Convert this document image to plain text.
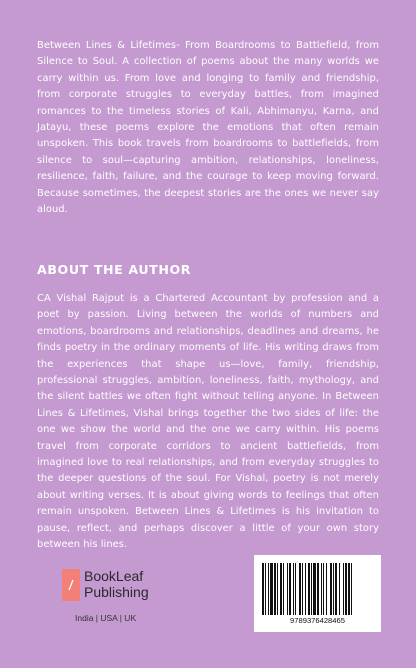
Between Lines & Lifetimes- From Boardrooms to Battlefield, from Silence to Soul. A collection of poems about the many worlds we carry within us. From love and longing to family and friendship, from corporate struggles to everyday battles, from imagined romances to the timeless stories of Kali, Abhimanyu, Karna, and Jatayu, these poems explore the emotions that often remain unspoken. This book travels from boardrooms to battlefields, from silence to soul—capturing ambition, relationships, loneliness, resilience, faith, failure, and the courage to keep moving forward. Because sometimes, the deepest stories are the ones we never say aloud.

ABOUT THE AUTHOR

CA Vishal Rajput is a Chartered Accountant by profession and a poet by passion. Living between the worlds of numbers and emotions, boardrooms and relationships, deadlines and dreams, he finds poetry in the ordinary moments of life. His writing draws from the experiences that shape us—love, family, friendship, professional struggles, ambition, loneliness, faith, mythology, and the silent battles we often fight without telling anyone. In Between Lines & Lifetimes, Vishal brings together the two sides of life: the one we show the world and the one we carry within. His poems travel from corporate corridors to ancient battlefields, from imagined love to real relationships, and from everyday struggles to the deeper questions of the soul. For Vishal, poetry is not merely about writing verses. It is about giving words to feelings that often remain unspoken. Between Lines & Lifetimes is his invitation to pause, reflect, and perhaps discover a little of your own story between his lines.

BookLeaf
Publishing
India | USA | UK	9789376428465
